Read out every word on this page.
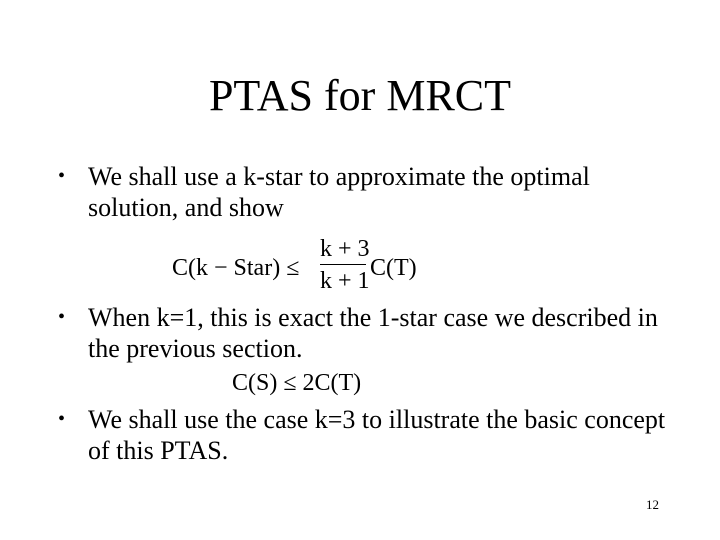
PTAS for MRCT
• We shall use a k-star to approximate the optimal solution, and show
C(k − Star) ≤
k + 3
k + 1 C(T)
• When k=1, this is exact the 1-star case we described in the previous section.
C(S) ≤ 2C(T)
• We shall use the case k=3 to illustrate the basic concept of this PTAS.
12
